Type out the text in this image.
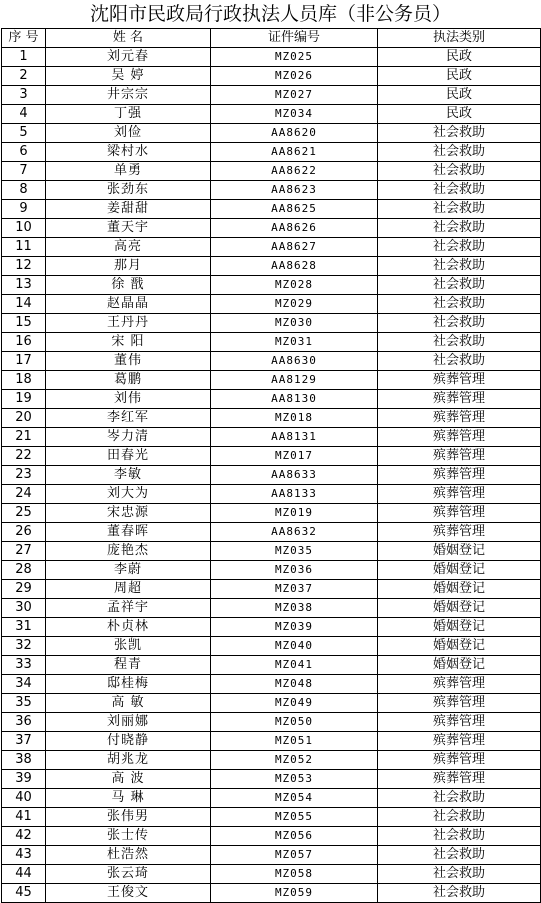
沈阳市民政局行政执法人员库（非公务员）
序 号	姓 名	证件编号	执法类别
1	刘元春	MZ025	民政
2	吴 婷	MZ026	民政
3	井宗宗	MZ027	民政
4	丁强	MZ034	民政
5	刘俭	AA8620	社会救助
6	梁村水	AA8621	社会救助
7	单勇	AA8622	社会救助
8	张劲东	AA8623	社会救助
9	姜甜甜	AA8625	社会救助
10	董天宇	AA8626	社会救助
11	高亮	AA8627	社会救助
12	那月	AA8628	社会救助
13	徐 戬	MZ028	社会救助
14	赵晶晶	MZ029	社会救助
15	王丹丹	MZ030	社会救助
16	宋 阳	MZ031	社会救助
17	董伟	AA8630	社会救助
18	葛鹏	AA8129	殡葬管理
19	刘伟	AA8130	殡葬管理
20	李红军	MZ018	殡葬管理
21	岑力清	AA8131	殡葬管理
22	田春光	MZ017	殡葬管理
23	李敏	AA8633	殡葬管理
24	刘大为	AA8133	殡葬管理
25	宋忠源	MZ019	殡葬管理
26	董春晖	AA8632	殡葬管理
27	庞艳杰	MZ035	婚姻登记
28	李蔚	MZ036	婚姻登记
29	周超	MZ037	婚姻登记
30	孟祥宇	MZ038	婚姻登记
31	朴贞林	MZ039	婚姻登记
32	张凯	MZ040	婚姻登记
33	程青	MZ041	婚姻登记
34	邸桂梅	MZ048	殡葬管理
35	高 敏	MZ049	殡葬管理
36	刘丽娜	MZ050	殡葬管理
37	付晓静	MZ051	殡葬管理
38	胡兆龙	MZ052	殡葬管理
39	高 波	MZ053	殡葬管理
40	马 琳	MZ054	社会救助
41	张伟男	MZ055	社会救助
42	张士传	MZ056	社会救助
43	杜浩然	MZ057	社会救助
44	张云琦	MZ058	社会救助
45	王俊文	MZ059	社会救助
